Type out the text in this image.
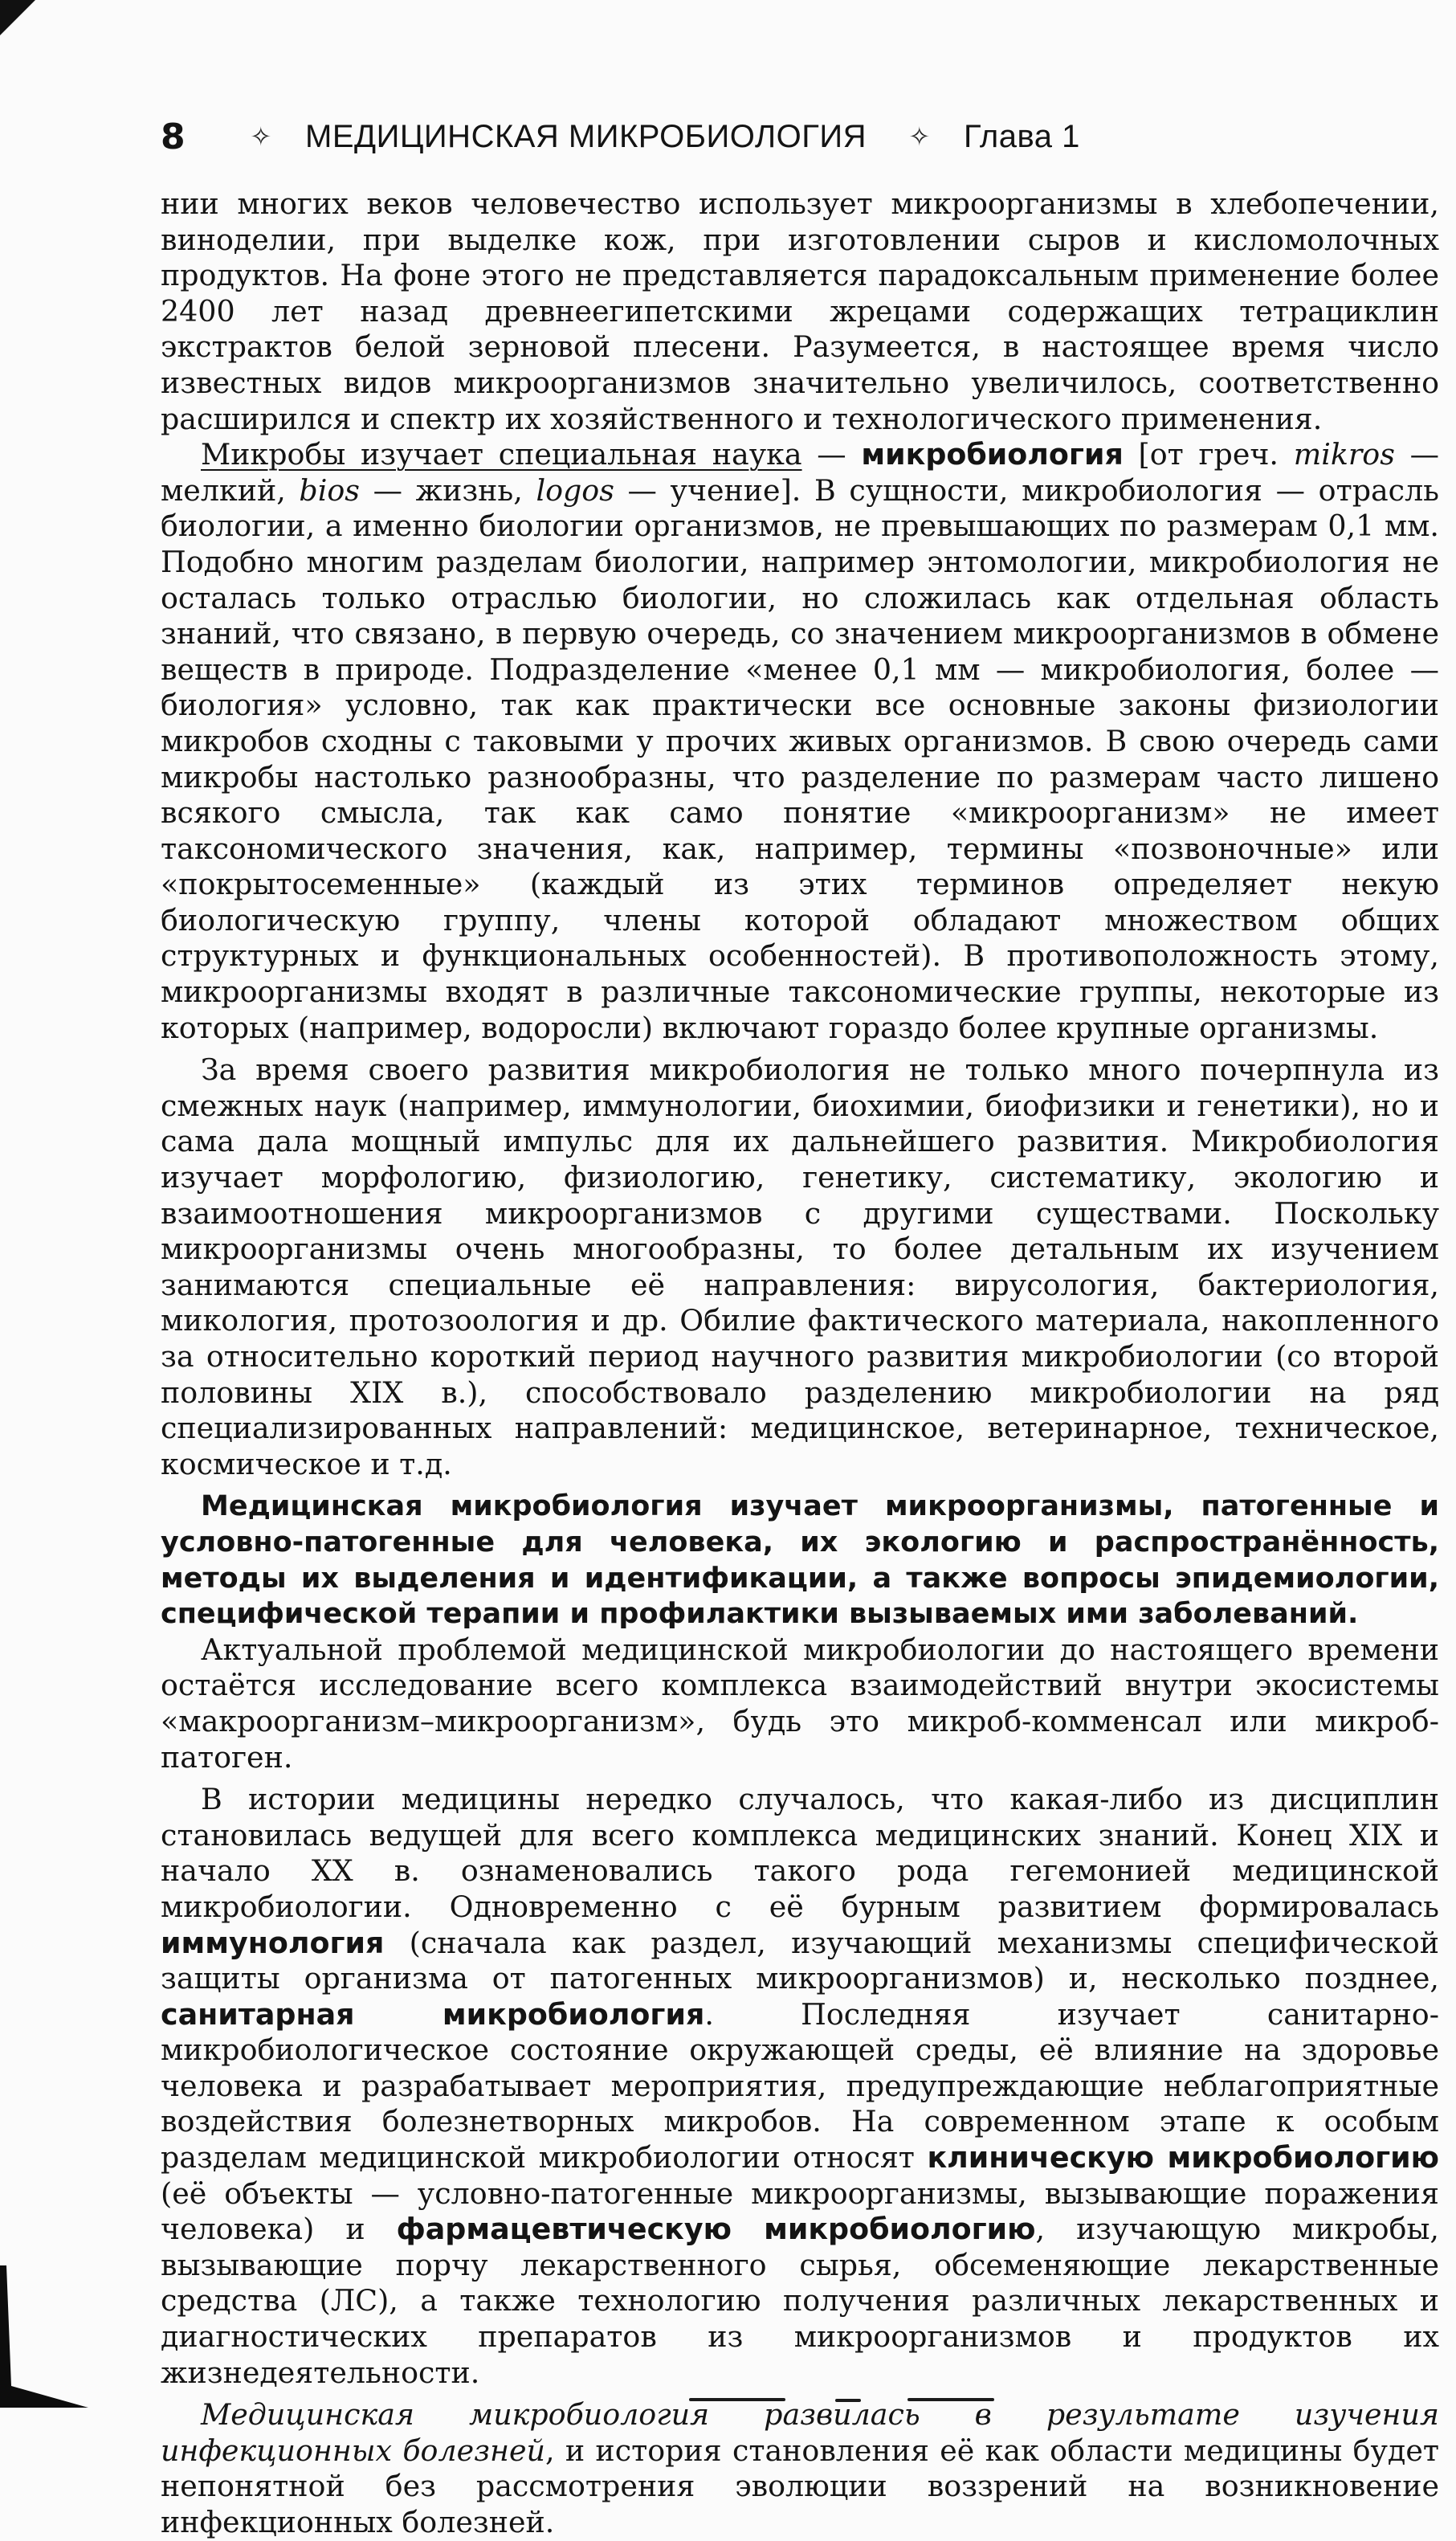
8	✧	МЕДИЦИНСКАЯ МИКРОБИОЛОГИЯ	✧	Глава 1

нии многих веков человечество использует микроорганизмы в хлебопечении, виноделии, при выделке кож, при изготовлении сыров и кисломолочных продуктов. На фоне этого не представляется парадоксальным применение более 2400 лет назад древнеегипетскими жрецами содержащих тетрациклин экстрактов белой зерновой плесени. Разумеется, в настоящее время число известных видов микроорганизмов значительно увеличилось, соответственно расширился и спектр их хозяйственного и технологического применения.

Микробы изучает специальная наука — микробиология [от греч. mikros — мелкий, bios — жизнь, logos — учение]. В сущности, микробиология — отрасль биологии, а именно биологии организмов, не превышающих по размерам 0,1 мм. Подобно многим разделам биологии, например энтомологии, микробиология не осталась только отраслью биологии, но сложилась как отдельная область знаний, что связано, в первую очередь, со значением микроорганизмов в обмене веществ в природе. Подразделение «менее 0,1 мм — микробиология, более — биология» условно, так как практически все основные законы физиологии микробов сходны с таковыми у прочих живых организмов. В свою очередь сами микробы настолько разнообразны, что разделение по размерам часто лишено всякого смысла, так как само понятие «микроорганизм» не имеет таксономического значения, как, например, термины «позвоночные» или «покрытосеменные» (каждый из этих терминов определяет некую биологическую группу, члены которой обладают множеством общих структурных и функциональных особенностей). В противоположность этому, микроорганизмы входят в различные таксономические группы, некоторые из которых (например, водоросли) включают гораздо более крупные организмы.

За время своего развития микробиология не только много почерпнула из смежных наук (например, иммунологии, биохимии, биофизики и генетики), но и сама дала мощный импульс для их дальнейшего развития. Микробиология изучает морфологию, физиологию, генетику, систематику, экологию и взаимоотношения микроорганизмов с другими существами. Поскольку микроорганизмы очень многообразны, то более детальным их изучением занимаются специальные её направления: вирусология, бактериология, микология, протозоология и др. Обилие фактического материала, накопленного за относительно короткий период научного развития микробиологии (со второй половины XIX в.), способствовало разделению микробиологии на ряд специализированных направлений: медицинское, ветеринарное, техническое, космическое и т.д.

Медицинская микробиология изучает микроорганизмы, патогенные и условно-патогенные для человека, их экологию и распространённость, методы их выделения и идентификации, а также вопросы эпидемиологии, специфической терапии и профилактики вызываемых ими заболеваний.

Актуальной проблемой медицинской микробиологии до настоящего времени остаётся исследование всего комплекса взаимодействий внутри экосистемы «макроорганизм–микроорганизм», будь это микроб-комменсал или микроб-патоген.

В истории медицины нередко случалось, что какая-либо из дисциплин становилась ведущей для всего комплекса медицинских знаний. Конец XIX и начало XX в. ознаменовались такого рода гегемонией медицинской микробиологии. Одновременно с её бурным развитием формировалась иммунология (сначала как раздел, изучающий механизмы специфической защиты организма от патогенных микроорганизмов) и, несколько позднее, санитарная микробиология. Последняя изучает санитарно-микробиологическое состояние окружающей среды, её влияние на здоровье человека и разрабатывает мероприятия, предупреждающие неблагоприятные воздействия болезнетворных микробов. На современном этапе к особым разделам медицинской микробиологии относят клиническую микробиологию (её объекты — условно-патогенные микроорганизмы, вызывающие поражения человека) и фармацевтическую микробиологию, изучающую микробы, вызывающие порчу лекарственного сырья, обсеменяющие лекарственные средства (ЛС), а также технологию получения различных лекарственных и диагностических препаратов из микроорганизмов и продуктов их жизнедеятельности.

Медицинская микробиология развилась в результате изучения инфекционных болезней, и история становления её как области медицины будет непонятной без рассмотрения эволюции воззрений на возникновение инфекционных болезней.
